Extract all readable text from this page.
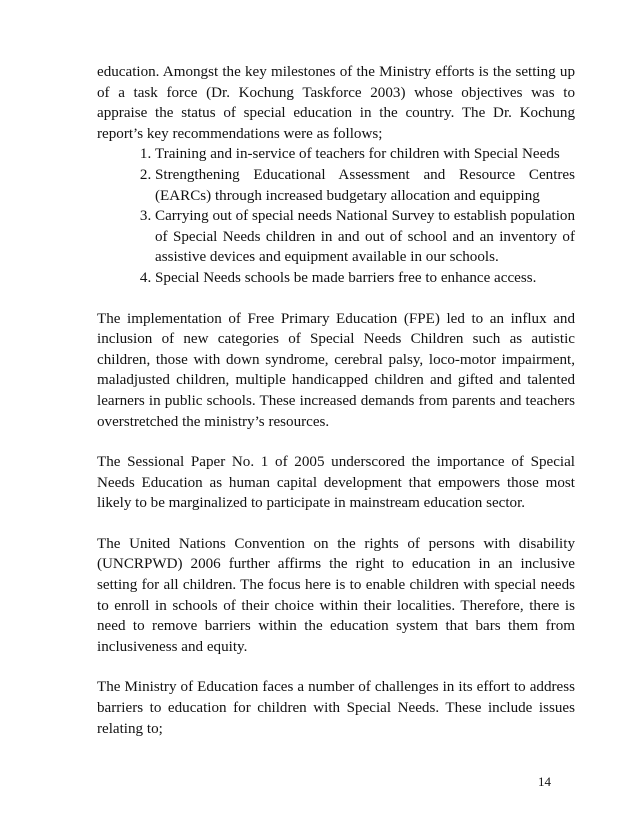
education. Amongst the key milestones of the Ministry efforts is the setting up of a task force (Dr. Kochung Taskforce 2003) whose objectives was to appraise the status of special education in the country. The Dr. Kochung report’s key recommendations were as follows;

1. Training and in-service of teachers for children with Special Needs
2. Strengthening Educational Assessment and Resource Centres (EARCs) through increased budgetary allocation and equipping
3. Carrying out of special needs National Survey to establish population of Special Needs children in and out of school and an inventory of assistive devices and equipment available in our schools.
4. Special Needs schools be made barriers free to enhance access.

The implementation of Free Primary Education (FPE) led to an influx and inclusion of new categories of Special Needs Children such as autistic children, those with down syndrome, cerebral palsy, loco-motor impairment, maladjusted children, multiple handicapped children and gifted and talented learners in public schools. These increased demands from parents and teachers overstretched the ministry’s resources.

The Sessional Paper No. 1 of 2005 underscored the importance of Special Needs Education as human capital development that empowers those most likely to be marginalized to participate in mainstream education sector.

The United Nations Convention on the rights of persons with disability (UNCRPWD) 2006 further affirms the right to education in an inclusive setting for all children. The focus here is to enable children with special needs to enroll in schools of their choice within their localities. Therefore, there is need to remove barriers within the education system that bars them from inclusiveness and equity.

The Ministry of Education faces a number of challenges in its effort to address barriers to education for children with Special Needs. These include issues relating to;

14
